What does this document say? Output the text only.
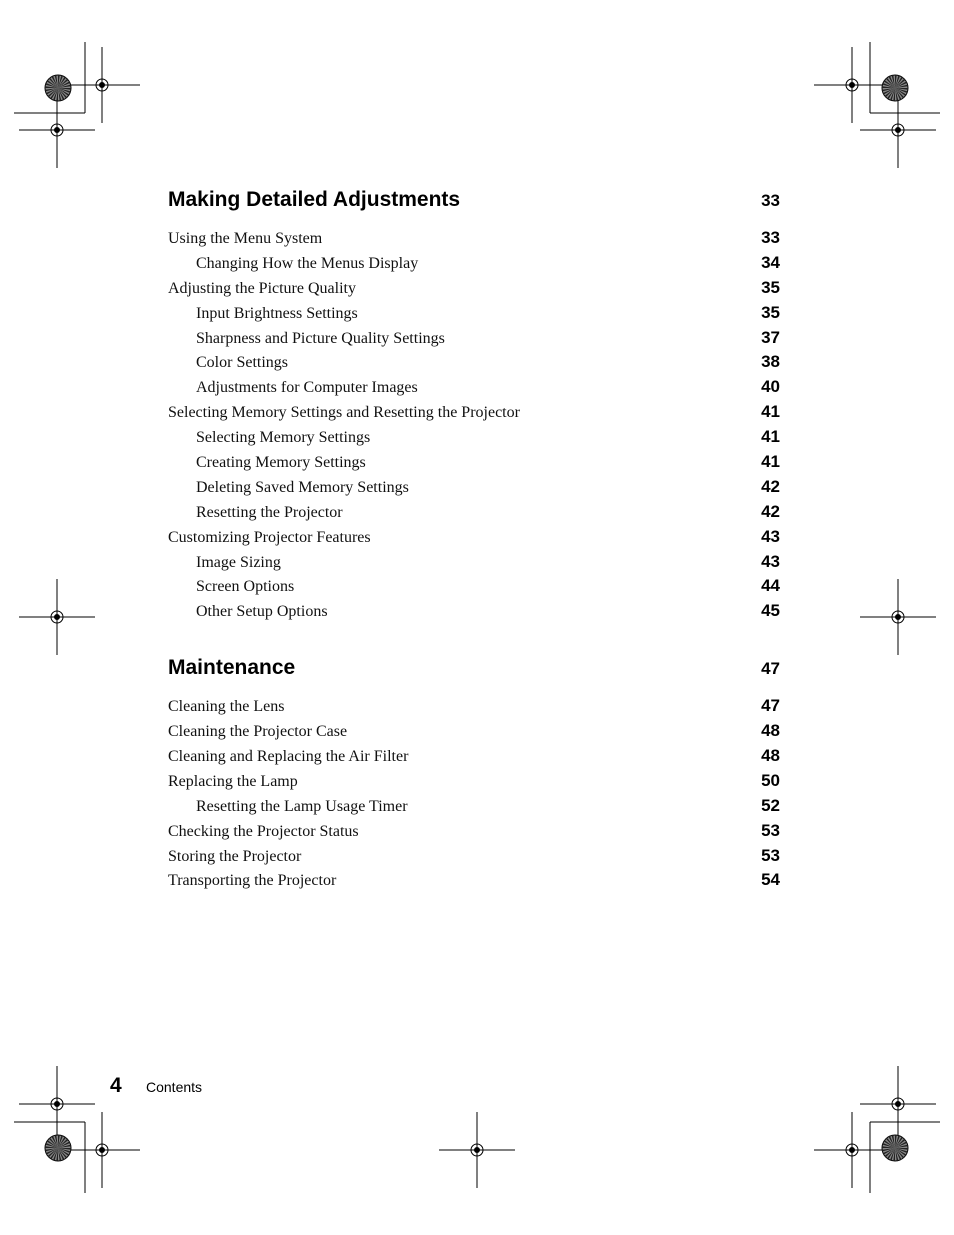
Making Detailed Adjustments	33
Using the Menu System	33
Changing How the Menus Display	34
Adjusting the Picture Quality	35
Input Brightness Settings	35
Sharpness and Picture Quality Settings	37
Color Settings	38
Adjustments for Computer Images	40
Selecting Memory Settings and Resetting the Projector	41
Selecting Memory Settings	41
Creating Memory Settings	41
Deleting Saved Memory Settings	42
Resetting the Projector	42
Customizing Projector Features	43
Image Sizing	43
Screen Options	44
Other Setup Options	45
Maintenance	47
Cleaning the Lens	47
Cleaning the Projector Case	48
Cleaning and Replacing the Air Filter	48
Replacing the Lamp	50
Resetting the Lamp Usage Timer	52
Checking the Projector Status	53
Storing the Projector	53
Transporting the Projector	54
4	Contents
